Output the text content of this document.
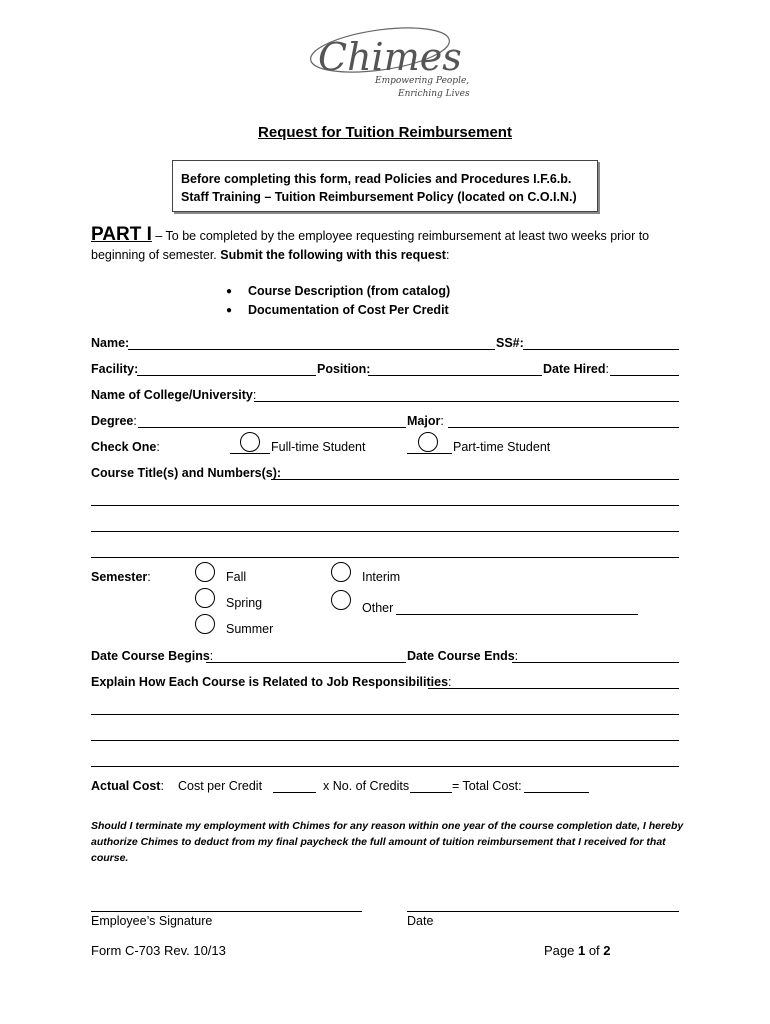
Chimes
Empowering People,
Enriching Lives
Request for Tuition Reimbursement
Before completing this form, read Policies and Procedures I.F.6.b. Staff Training – Tuition Reimbursement Policy (located on C.O.I.N.)
PART I – To be completed by the employee requesting reimbursement at least two weeks prior to beginning of semester. Submit the following with this request:
● Course Description (from catalog)
● Documentation of Cost Per Credit
Name:	SS#:
Facility:	Position:	Date Hired:
Name of College/University:
Degree:	Major:
Check One:	Full-time Student	Part-time Student
Course Title(s) and Numbers(s):
Semester:	Fall
Spring
Summer
Interim
Other
Date Course Begins:	Date Course Ends:
Explain How Each Course is Related to Job Responsibilities:
Actual Cost: Cost per Credit	x No. of Credits	= Total Cost:
Should I terminate my employment with Chimes for any reason within one year of the course completion date, I hereby authorize Chimes to deduct from my final paycheck the full amount of tuition reimbursement that I received for that course.
Employee’s Signature	Date
Form C-703 Rev. 10/13	Page 1 of 2
